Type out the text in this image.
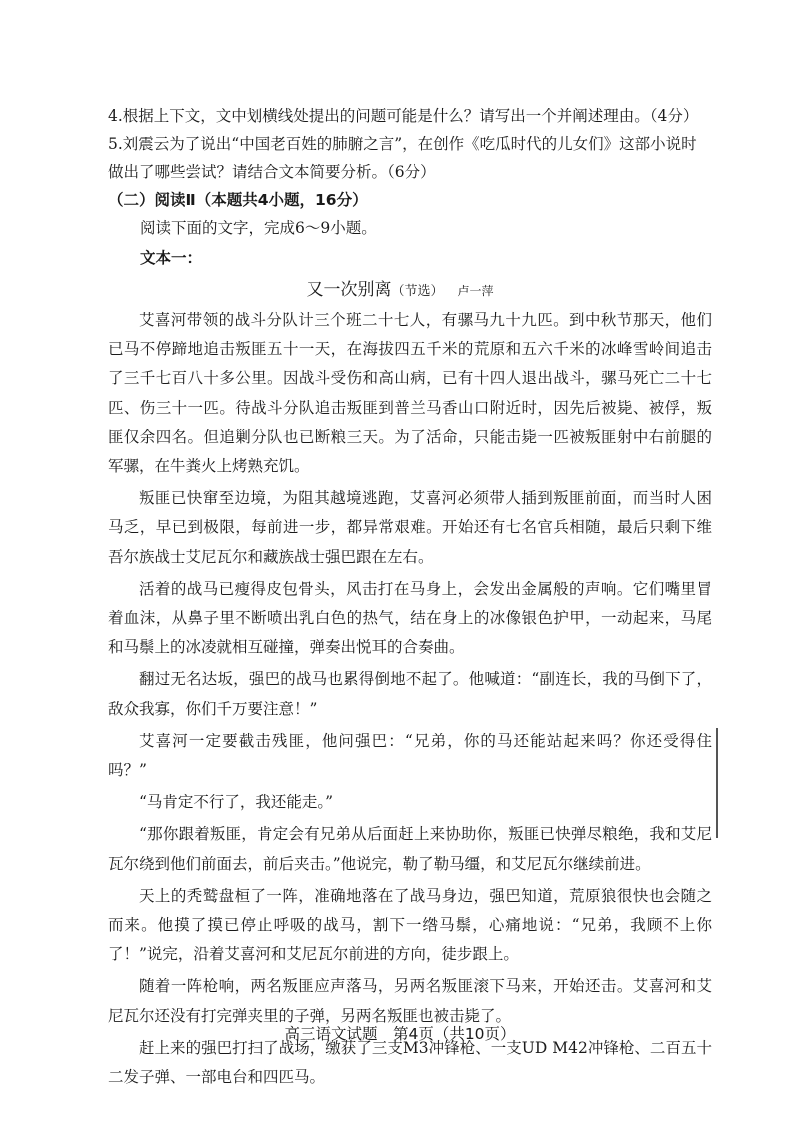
4.根据上下文，文中划横线处提出的问题可能是什么？请写出一个并阐述理由。（4分）

5.刘震云为了说出“中国老百姓的肺腑之言”，在创作《吃瓜时代的儿女们》这部小说时做出了哪些尝试？请结合文本简要分析。（6分）

（二）阅读Ⅱ（本题共4小题，16分）

阅读下面的文字，完成6～9小题。

文本一：

又一次别离（节选） 卢一萍

艾喜河带领的战斗分队计三个班二十七人，有骡马九十九匹。到中秋节那天，他们已马不停蹄地追击叛匪五十一天，在海拔四五千米的荒原和五六千米的冰峰雪岭间追击了三千七百八十多公里。因战斗受伤和高山病，已有十四人退出战斗，骡马死亡二十七匹、伤三十一匹。待战斗分队追击叛匪到普兰马香山口附近时，因先后被毙、被俘，叛匪仅余四名。但追剿分队也已断粮三天。为了活命，只能击毙一匹被叛匪射中右前腿的军骡，在牛粪火上烤熟充饥。

叛匪已快窜至边境，为阻其越境逃跑，艾喜河必须带人插到叛匪前面，而当时人困马乏，早已到极限，每前进一步，都异常艰难。开始还有七名官兵相随，最后只剩下维吾尔族战士艾尼瓦尔和藏族战士强巴跟在左右。

活着的战马已瘦得皮包骨头，风击打在马身上，会发出金属般的声响。它们嘴里冒着血沫，从鼻子里不断喷出乳白色的热气，结在身上的冰像银色护甲，一动起来，马尾和马鬃上的冰凌就相互碰撞，弹奏出悦耳的合奏曲。

翻过无名达坂，强巴的战马也累得倒地不起了。他喊道：“副连长，我的马倒下了，敌众我寡，你们千万要注意！”

艾喜河一定要截击残匪，他问强巴：“兄弟，你的马还能站起来吗？你还受得住吗？”

“马肯定不行了，我还能走。”

“那你跟着叛匪，肯定会有兄弟从后面赶上来协助你，叛匪已快弹尽粮绝，我和艾尼瓦尔绕到他们前面去，前后夹击。”他说完，勒了勒马缰，和艾尼瓦尔继续前进。

天上的秃鹫盘桓了一阵，准确地落在了战马身边，强巴知道，荒原狼很快也会随之而来。他摸了摸已停止呼吸的战马，割下一绺马鬃，心痛地说：“兄弟，我顾不上你了！”说完，沿着艾喜河和艾尼瓦尔前进的方向，徒步跟上。

随着一阵枪响，两名叛匪应声落马，另两名叛匪滚下马来，开始还击。艾喜河和艾尼瓦尔还没有打完弹夹里的子弹，另两名叛匪也被击毙了。

赶上来的强巴打扫了战场，缴获了三支M3冲锋枪、一支UD M42冲锋枪、二百五十二发子弹、一部电台和四匹马。

高三语文试题　第4页（共10页）
